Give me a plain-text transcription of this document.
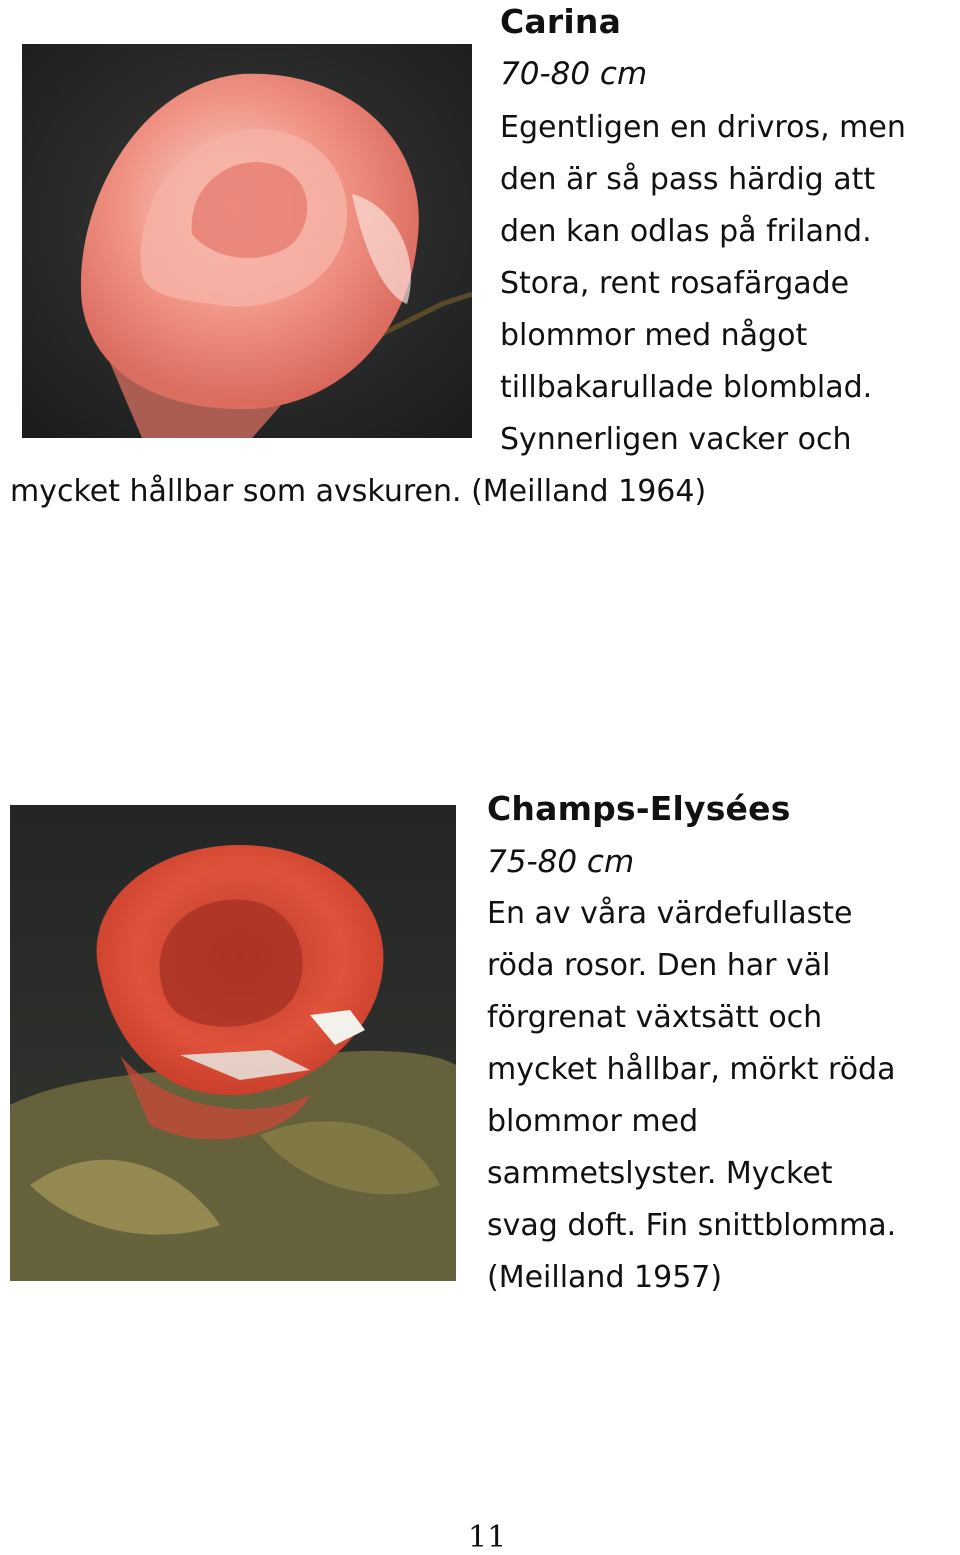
Carina
70-80 cm
Egentligen en drivros, men
den är så pass härdig att
den kan odlas på friland.
Stora, rent rosafärgade
blommor med något
tillbakarullade blomblad.
Synnerligen vacker och
mycket hållbar som avskuren. (Meilland 1964)
Champs-Elysées
75-80 cm
En av våra värdefullaste
röda rosor. Den har väl
förgrenat växtsätt och
mycket hållbar, mörkt röda
blommor med
sammetslyster. Mycket
svag doft. Fin snittblomma.
(Meilland 1957)
11
